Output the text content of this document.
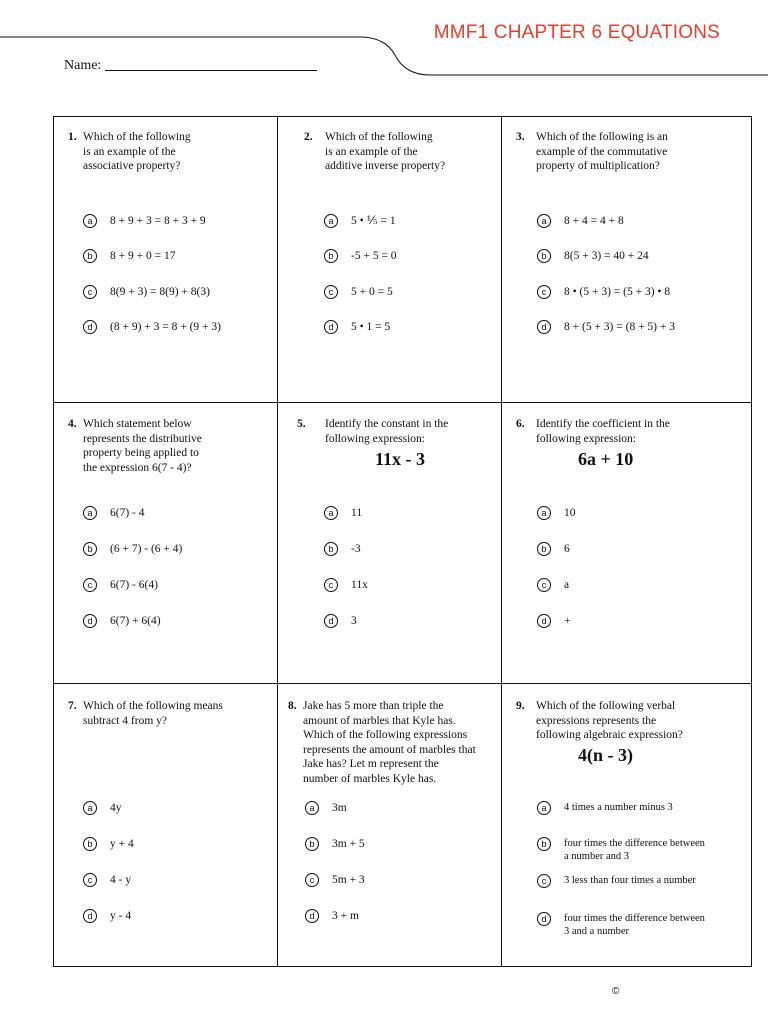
MMF1 CHAPTER 6 EQUATIONS
Name:
1. Which of the following
is an example of the
associative property?
a	8 + 9 + 3 = 8 + 3 + 9
b	8 + 9 + 0 = 17
c	8(9 + 3) = 8(9) + 8(3)
d	(8 + 9) + 3 = 8 + (9 + 3)
2. Which of the following
is an example of the
additive inverse property?
a	5 • ⅕ = 1
b	-5 + 5 = 0
c	5 + 0 = 5
d	5 • 1 = 5
3. Which of the following is an
example of the commutative
property of multiplication?
a	8 + 4 = 4 + 8
b	8(5 + 3) = 40 + 24
c	8 • (5 + 3) = (5 + 3) • 8
d	8 + (5 + 3) = (8 + 5) + 3
4. Which statement below
represents the distributive
property being applied to
the expression 6(7 - 4)?
a	6(7) - 4
b	(6 + 7) - (6 + 4)
c	6(7) - 6(4)
d	6(7) + 6(4)
5. Identify the constant in the
following expression:
11x - 3
a	11
b	-3
c	11x
d	3
6. Identify the coefficient in the
following expression:
6a + 10
a	10
b	6
c	a
d	+
7. Which of the following means
subtract 4 from y?
a	4y
b	y + 4
c	4 - y
d	y - 4
8. Jake has 5 more than triple the
amount of marbles that Kyle has.
Which of the following expressions
represents the amount of marbles that
Jake has? Let m represent the
number of marbles Kyle has.
a	3m
b	3m + 5
c	5m + 3
d	3 + m
9. Which of the following verbal
expressions represents the
following algebraic expression?
4(n - 3)
a	4 times a number minus 3
b	four times the difference between
a number and 3
c	3 less than four times a number
d	four times the difference between
3 and a number
©
